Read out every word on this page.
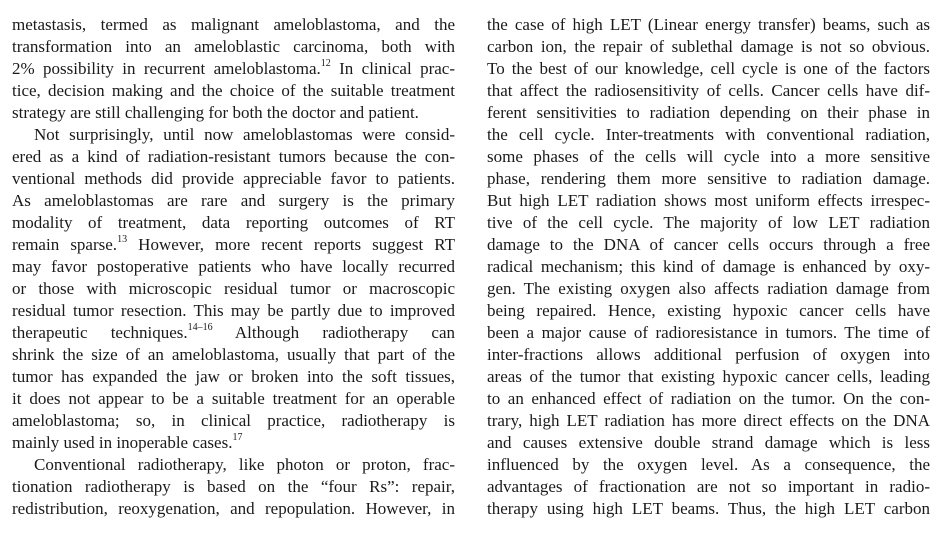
metastasis, termed as malignant ameloblastoma, and the
transformation into an ameloblastic carcinoma, both with
2% possibility in recurrent ameloblastoma.$^{12}$ In clinical prac-
tice, decision making and the choice of the suitable treatment
strategy are still challenging for both the doctor and patient.
Not surprisingly, until now ameloblastomas were consid-
ered as a kind of radiation-resistant tumors because the con-
ventional methods did provide appreciable favor to patients.
As ameloblastomas are rare and surgery is the primary
modality of treatment, data reporting outcomes of RT
remain sparse.$^{13}$ However, more recent reports suggest RT
may favor postoperative patients who have locally recurred
or those with microscopic residual tumor or macroscopic
residual tumor resection. This may be partly due to improved
therapeutic techniques.$^{14-16}$ Although radiotherapy can
shrink the size of an ameloblastoma, usually that part of the
tumor has expanded the jaw or broken into the soft tissues,
it does not appear to be a suitable treatment for an operable
ameloblastoma; so, in clinical practice, radiotherapy is
mainly used in inoperable cases.$^{17}$
Conventional radiotherapy, like photon or proton, frac-
tionation radiotherapy is based on the “four Rs”: repair,
redistribution, reoxygenation, and repopulation. However, in
the case of high LET (Linear energy transfer) beams, such as
carbon ion, the repair of sublethal damage is not so obvious.
To the best of our knowledge, cell cycle is one of the factors
that affect the radiosensitivity of cells. Cancer cells have dif-
ferent sensitivities to radiation depending on their phase in
the cell cycle. Inter-treatments with conventional radiation,
some phases of the cells will cycle into a more sensitive
phase, rendering them more sensitive to radiation damage.
But high LET radiation shows most uniform effects irrespec-
tive of the cell cycle. The majority of low LET radiation
damage to the DNA of cancer cells occurs through a free
radical mechanism; this kind of damage is enhanced by oxy-
gen. The existing oxygen also affects radiation damage from
being repaired. Hence, existing hypoxic cancer cells have
been a major cause of radioresistance in tumors. The time of
inter-fractions allows additional perfusion of oxygen into
areas of the tumor that existing hypoxic cancer cells, leading
to an enhanced effect of radiation on the tumor. On the con-
trary, high LET radiation has more direct effects on the DNA
and causes extensive double strand damage which is less
influenced by the oxygen level. As a consequence, the
advantages of fractionation are not so important in radio-
therapy using high LET beams. Thus, the high LET carbon
